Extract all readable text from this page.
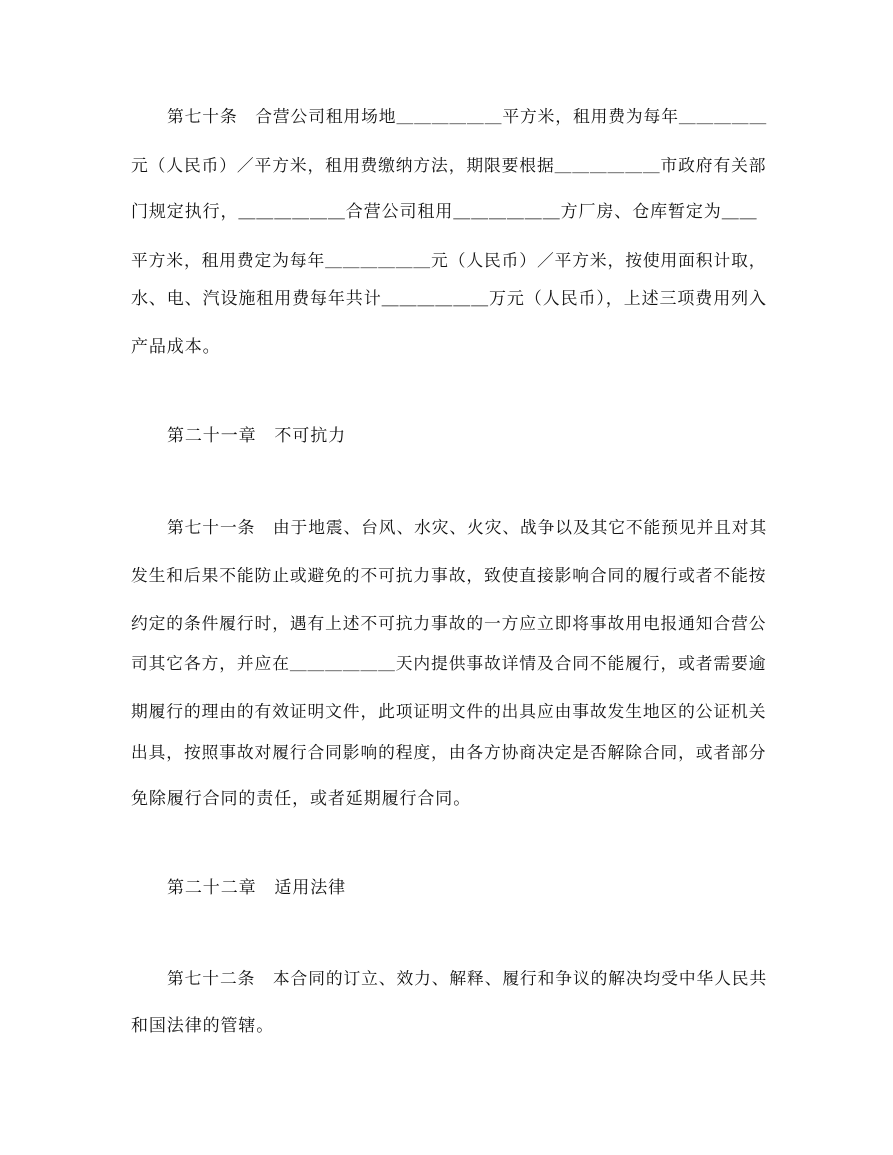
第七十条　合营公司租用场地＿＿＿＿＿＿平方米，租用费为每年＿＿＿＿＿
元（人民币）／平方米，租用费缴纳方法，期限要根据＿＿＿＿＿＿市政府有关部
门规定执行，＿＿＿＿＿＿合营公司租用＿＿＿＿＿＿方厂房、仓库暂定为＿＿
平方米，租用费定为每年＿＿＿＿＿＿元（人民币）／平方米，按使用面积计取，
水、电、汽设施租用费每年共计＿＿＿＿＿＿万元（人民币），上述三项费用列入
产品成本。
第二十一章　不可抗力
第七十一条　由于地震、台风、水灾、火灾、战争以及其它不能预见并且对其
发生和后果不能防止或避免的不可抗力事故，致使直接影响合同的履行或者不能按
约定的条件履行时，遇有上述不可抗力事故的一方应立即将事故用电报通知合营公
司其它各方，并应在＿＿＿＿＿＿天内提供事故详情及合同不能履行，或者需要逾
期履行的理由的有效证明文件，此项证明文件的出具应由事故发生地区的公证机关
出具，按照事故对履行合同影响的程度，由各方协商决定是否解除合同，或者部分
免除履行合同的责任，或者延期履行合同。
第二十二章　适用法律
第七十二条　本合同的订立、效力、解释、履行和争议的解决均受中华人民共
和国法律的管辖。
